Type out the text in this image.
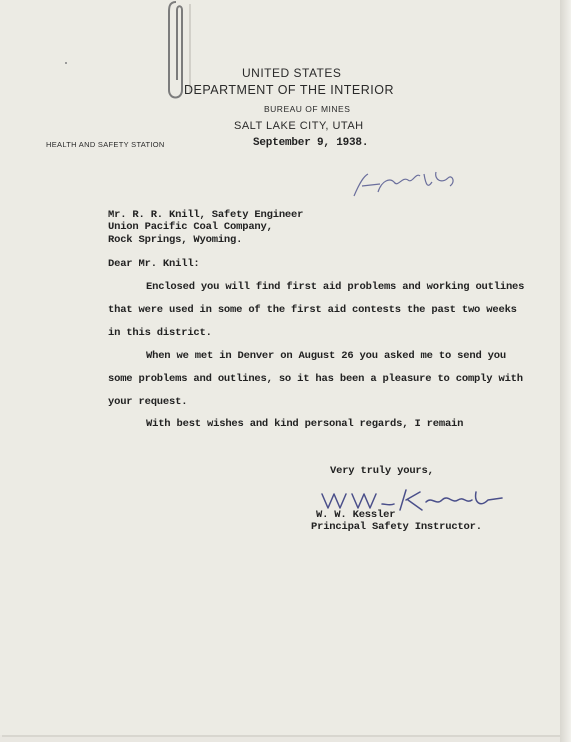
UNITED STATES
DEPARTMENT OF THE INTERIOR
BUREAU OF MINES
SALT LAKE CITY, UTAH
HEALTH AND SAFETY STATION	September 9, 1938.
Mr. R. R. Knill, Safety Engineer
Union Pacific Coal Company,
Rock Springs, Wyoming.
Dear Mr. Knill:
Enclosed you will find first aid problems and working outlines
that were used in some of the first aid contests the past two weeks
in this district.
When we met in Denver on August 26 you asked me to send you
some problems and outlines, so it has been a pleasure to comply with
your request.
With best wishes and kind personal regards, I remain
Very truly yours,
W. W. Kessler
Principal Safety Instructor.
